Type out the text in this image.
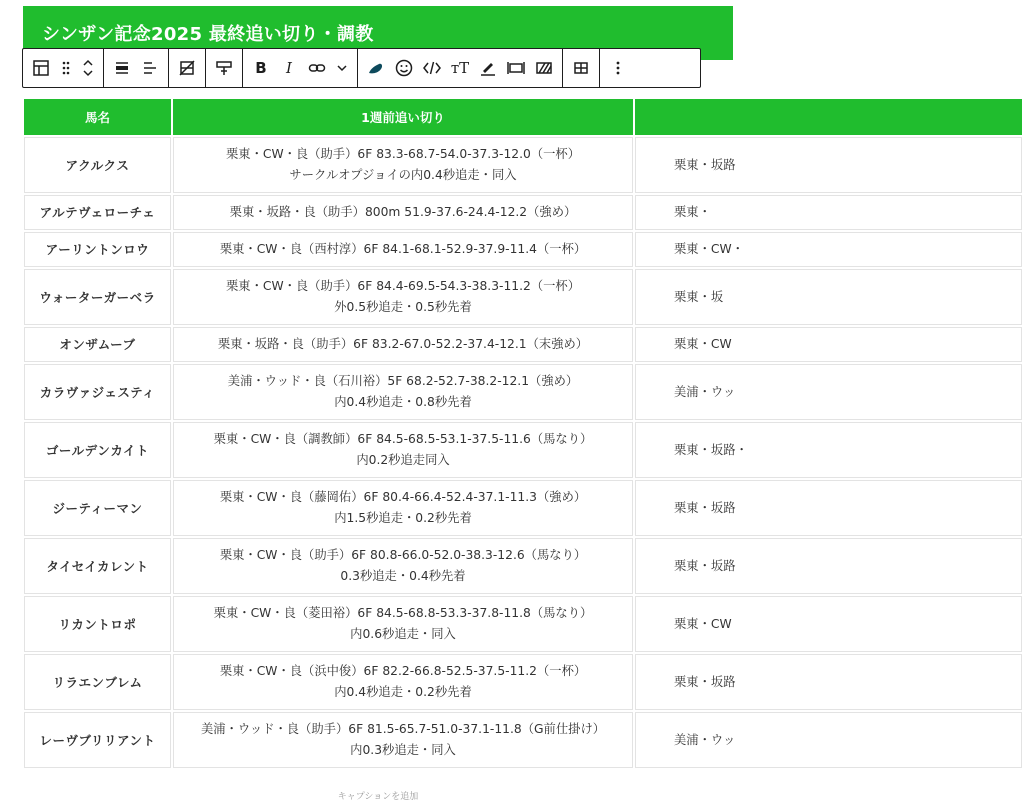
シンザン記念2025 最終追い切り・調教
B	I	тT
馬名	1週前追い切り	
アクルクス	栗東・CW・良（助手）6F 83.3-68.7-54.0-37.3-12.0（一杯）
サークルオプジョイの内0.4秒追走・同入	栗東・坂路
アルテヴェローチェ	栗東・坂路・良（助手）800m 51.9-37.6-24.4-12.2（強め）	栗東・
アーリントンロウ	栗東・CW・良（西村淳）6F 84.1-68.1-52.9-37.9-11.4（一杯）	栗東・CW・
ウォーターガーベラ	栗東・CW・良（助手）6F 84.4-69.5-54.3-38.3-11.2（一杯）
外0.5秒追走・0.5秒先着	栗東・坂
オンザムーブ	栗東・坂路・良（助手）6F 83.2-67.0-52.2-37.4-12.1（末強め）	栗東・CW
カラヴァジェスティ	美浦・ウッド・良（石川裕）5F 68.2-52.7-38.2-12.1（強め）
内0.4秒追走・0.8秒先着	美浦・ウッ
ゴールデンカイト	栗東・CW・良（調教師）6F 84.5-68.5-53.1-37.5-11.6（馬なり）
内0.2秒追走同入	栗東・坂路・
ジーティーマン	栗東・CW・良（藤岡佑）6F 80.4-66.4-52.4-37.1-11.3（強め）
内1.5秒追走・0.2秒先着	栗東・坂路
タイセイカレント	栗東・CW・良（助手）6F 80.8-66.0-52.0-38.3-12.6（馬なり）
0.3秒追走・0.4秒先着	栗東・坂路
リカントロポ	栗東・CW・良（菱田裕）6F 84.5-68.8-53.3-37.8-11.8（馬なり）
内0.6秒追走・同入	栗東・CW
リラエンブレム	栗東・CW・良（浜中俊）6F 82.2-66.8-52.5-37.5-11.2（一杯）
内0.4秒追走・0.2秒先着	栗東・坂路
レーヴブリリアント	美浦・ウッド・良（助手）6F 81.5-65.7-51.0-37.1-11.8（G前仕掛け）
内0.3秒追走・同入	美浦・ウッ
キャプションを追加
